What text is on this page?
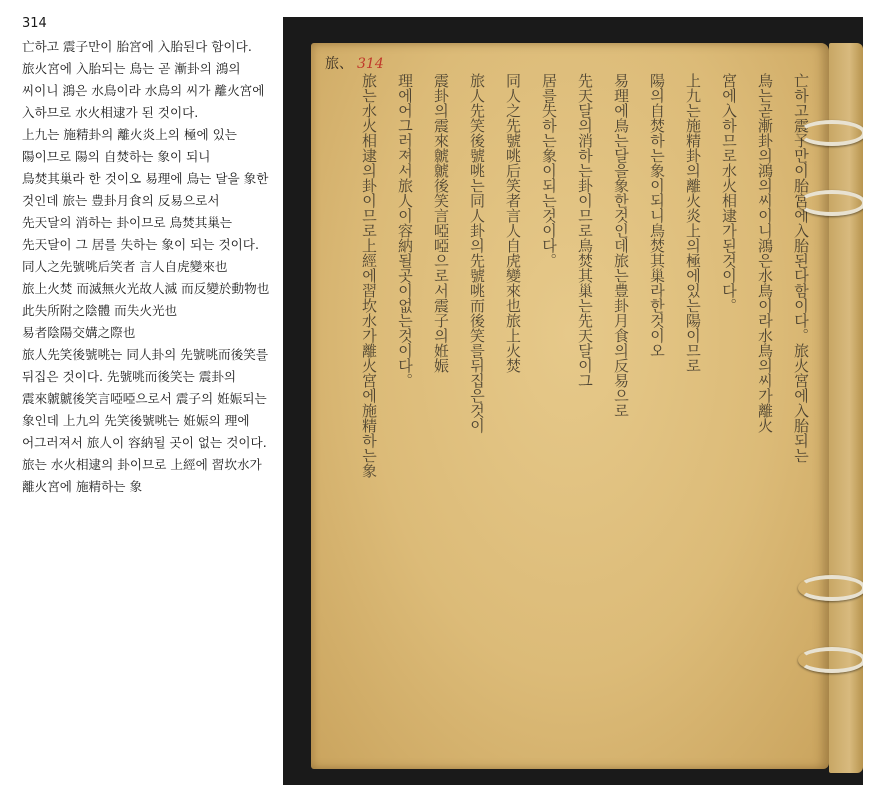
314

亡하고 震子만이 胎宮에 入胎된다 함이다. 旅火宮에 入胎되는 鳥는 곧 漸卦의 鴻의 씨이니 鴻은 水鳥이라 水鳥의 씨가 離火宮에 入하므로 水火相逮가 된 것이다.

上九는 施精卦의 離火炎上의 極에 있는 陽이므로 陽의 自焚하는 象이 되니 鳥焚其巢라 한 것이오 易理에 鳥는 달을 象한 것인데 旅는 豊卦月食의 反易으로서 先天달의 消하는 卦이므로 鳥焚其巢는 先天달이 그 居를 失하는 象이 되는 것이다.

同人之先號咷后笑者 言人自虎變來也 旅上火焚 而滅無火光故人滅 而反變於動物也 此失所附之陰體 而失火光也 易者陰陽交媾之際也

旅人先笑後號咷는 同人卦의 先號咷而後笑를 뒤집은 것이다. 先號咷而後笑는 震卦의 震來虩虩後笑言啞啞으로서 震子의 姙娠되는 象인데 上九의 先笑後號咷는 姙娠의 理에 어그러져서 旅人이 容納될 곳이 없는 것이다.

旅는 水火相逮의 卦이므로 上經에 習坎水가 離火宮에 施精하는 象

旅、 314
亡하고震子만이胎宮에入胎된다함이다。旅火宮에入胎되는
鳥는곧漸卦의鴻의씨이니鴻은水鳥이라水鳥의씨가離火
宮에入하므로水火相逮가된것이다。
上九는施精卦의離火炎上의極에있는陽이므로
陽의自焚하는象이되니鳥焚其巢라한것이오
易理에鳥는달을象한것인데旅는豊卦月食의反易으로
先天달의消하는卦이므로鳥焚其巢는先天달이그
居를失하는象이되는것이다。
同人之先號咷后笑者言人自虎變來也旅上火焚
旅人先笑後號咷는同人卦의先號咷而後笑를뒤집은것이
震卦의震來虩虩後笑言啞啞으로서震子의姙娠
理에어그러져서旅人이容納될곳이없는것이다。
旅는水火相逮의卦이므로上經에習坎水가離火宮에施精하는象
